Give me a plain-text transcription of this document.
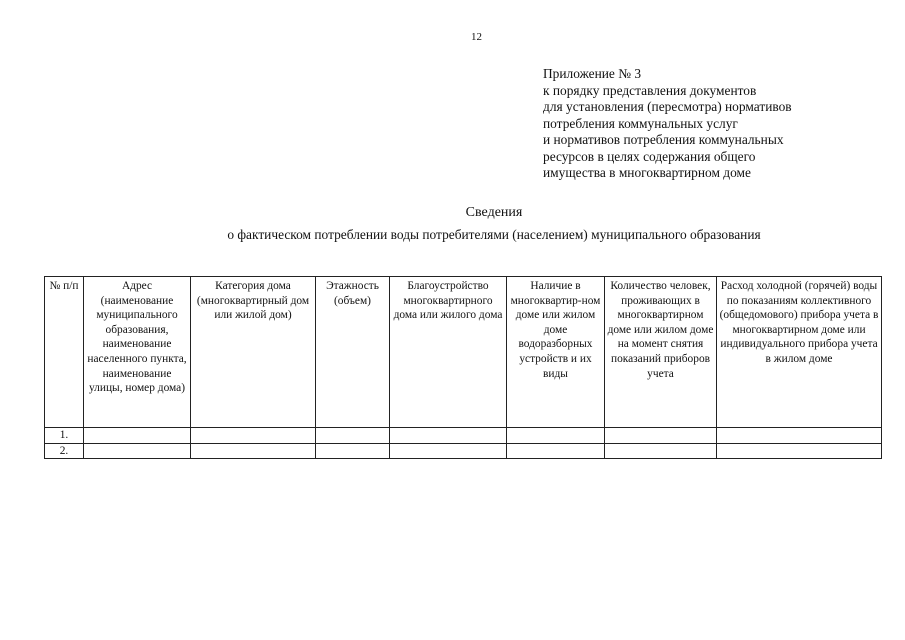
12
Приложение № 3
к порядку представления документов
для установления (пересмотра) нормативов
потребления коммунальных услуг
и нормативов потребления коммунальных
ресурсов в целях содержания общего
имущества в многоквартирном доме
Сведения
о фактическом потреблении воды потребителями (населением) муниципального образования
№ п/п	Адрес (наименование муниципального образования, наименование населенного пункта, наименование улицы, номер дома)	Категория дома (многоквартирный дом или жилой дом)	Этажность (объем)	Благоустройство многоквартирного дома или жилого дома	Наличие в многоквартир-ном доме или жилом доме водоразборных устройств и их виды	Количество человек, проживающих в многоквартирном доме или жилом доме на момент снятия показаний приборов учета	Расход холодной (горячей) воды по показаниям коллективного (общедомового) прибора учета в многоквартирном доме или индивидуального прибора учета в жилом доме
1.							
2.							
